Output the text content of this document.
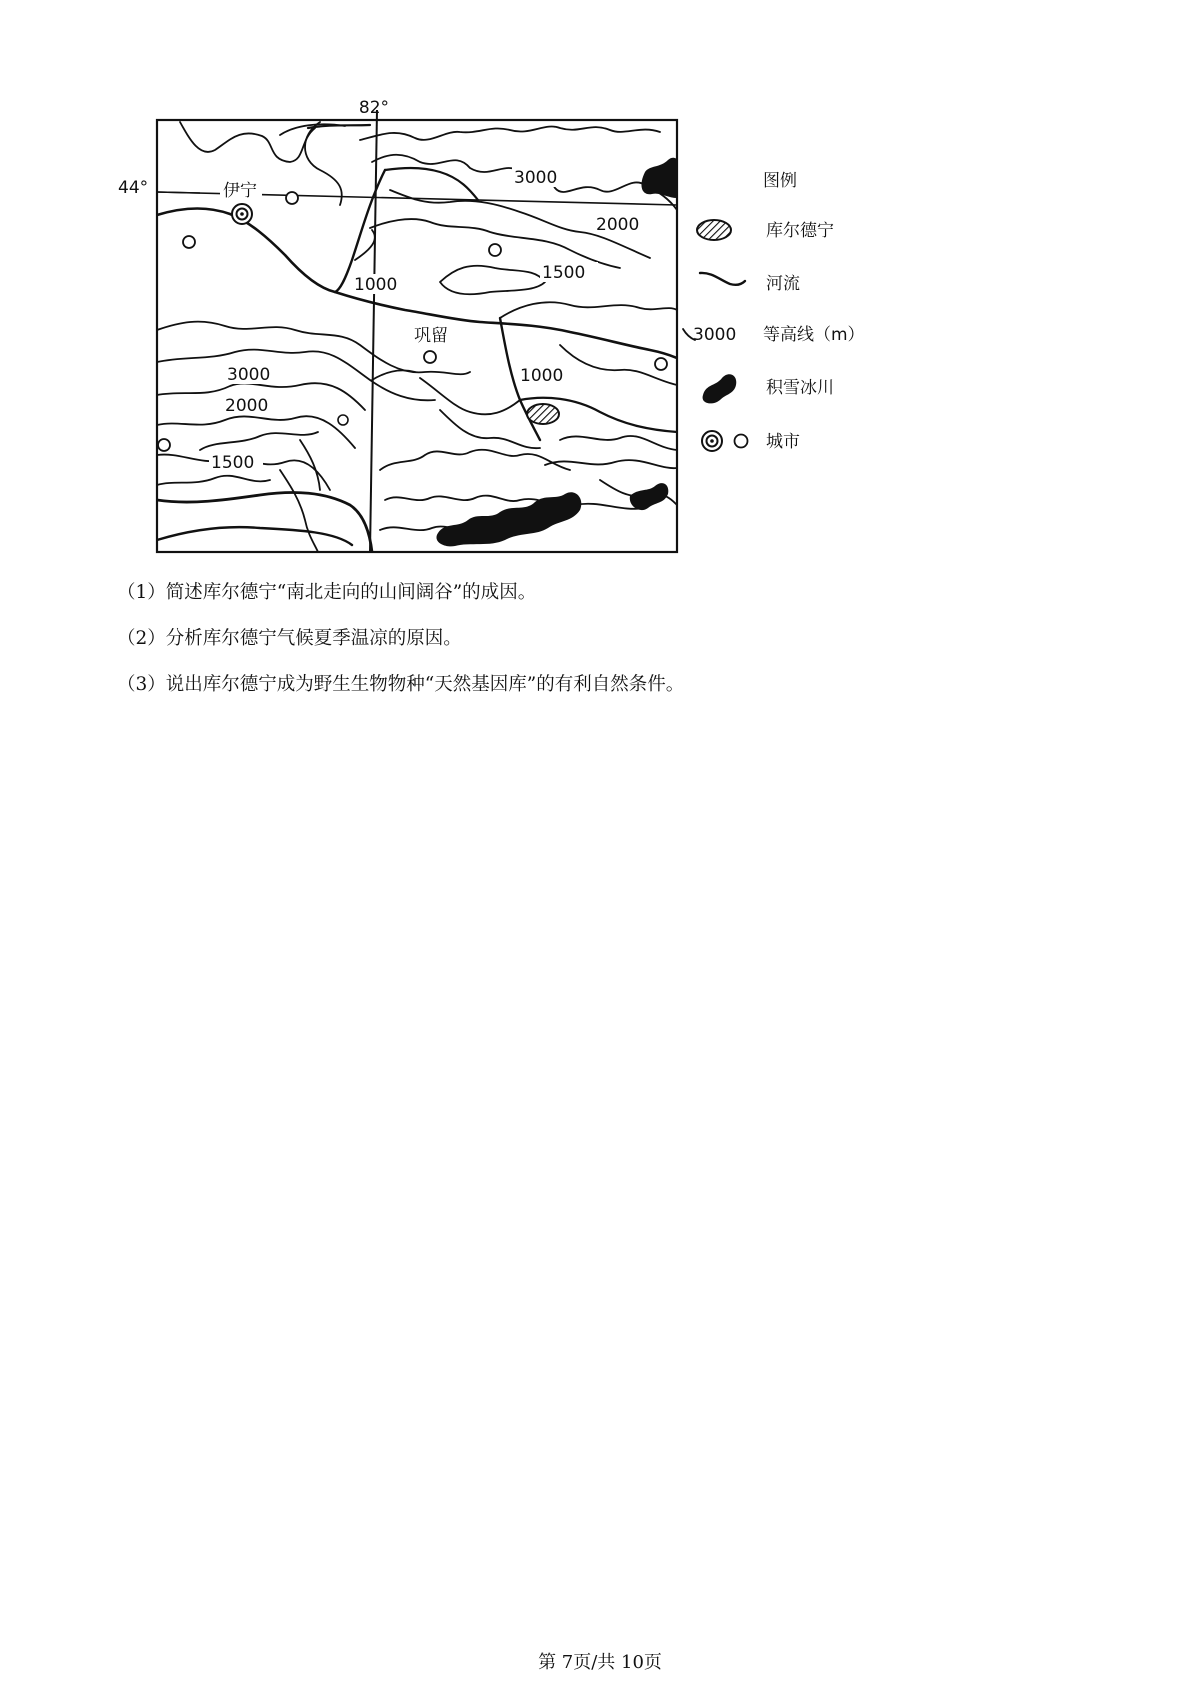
82°
44°	伊宁
巩留
3000
2000
1500
1000
1000
3000
2000
1500
图例
库尔德宁
河流
3000 等高线（m）
积雪冰川
城市
（1）简述库尔德宁“南北走向的山间阔谷”的成因。
（2）分析库尔德宁气候夏季温凉的原因。
（3）说出库尔德宁成为野生生物物种“天然基因库”的有利自然条件。
第 7页/共 10页
